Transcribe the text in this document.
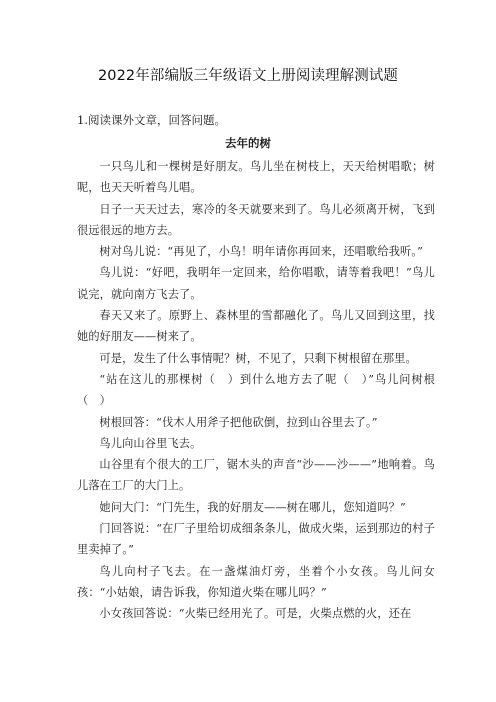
2022年部编版三年级语文上册阅读理解测试题
1.阅读课外文章，回答问题。
去年的树

一只鸟儿和一棵树是好朋友。鸟儿坐在树枝上，天天给树唱歌；树呢，也天天听着鸟儿唱。

日子一天天过去，寒冷的冬天就要来到了。鸟儿必须离开树，飞到很远很远的地方去。

树对鸟儿说：“再见了，小鸟！明年请你再回来，还唱歌给我听。”

鸟儿说：“好吧，我明年一定回来，给你唱歌，请等着我吧！”鸟儿说完，就向南方飞去了。

春天又来了。原野上、森林里的雪都融化了。鸟儿又回到这里，找她的好朋友——树来了。

可是，发生了什么事情呢？树，不见了，只剩下树根留在那里。

“站在这儿的那棵树（　）到什么地方去了呢（　）”鸟儿问树根（　）

树根回答：“伐木人用斧子把他砍倒，拉到山谷里去了。”

鸟儿向山谷里飞去。

山谷里有个很大的工厂，锯木头的声音“沙——沙——”地响着。鸟儿落在工厂的大门上。

她问大门：“门先生，我的好朋友——树在哪儿，您知道吗？”

门回答说：“在厂子里给切成细条条儿，做成火柴，运到那边的村子里卖掉了。”

鸟儿向村子飞去。在一盏煤油灯旁，坐着个小女孩。鸟儿问女孩：“小姑娘，请告诉我，你知道火柴在哪儿吗？”

小女孩回答说：“火柴已经用光了。可是，火柴点燃的火，还在
